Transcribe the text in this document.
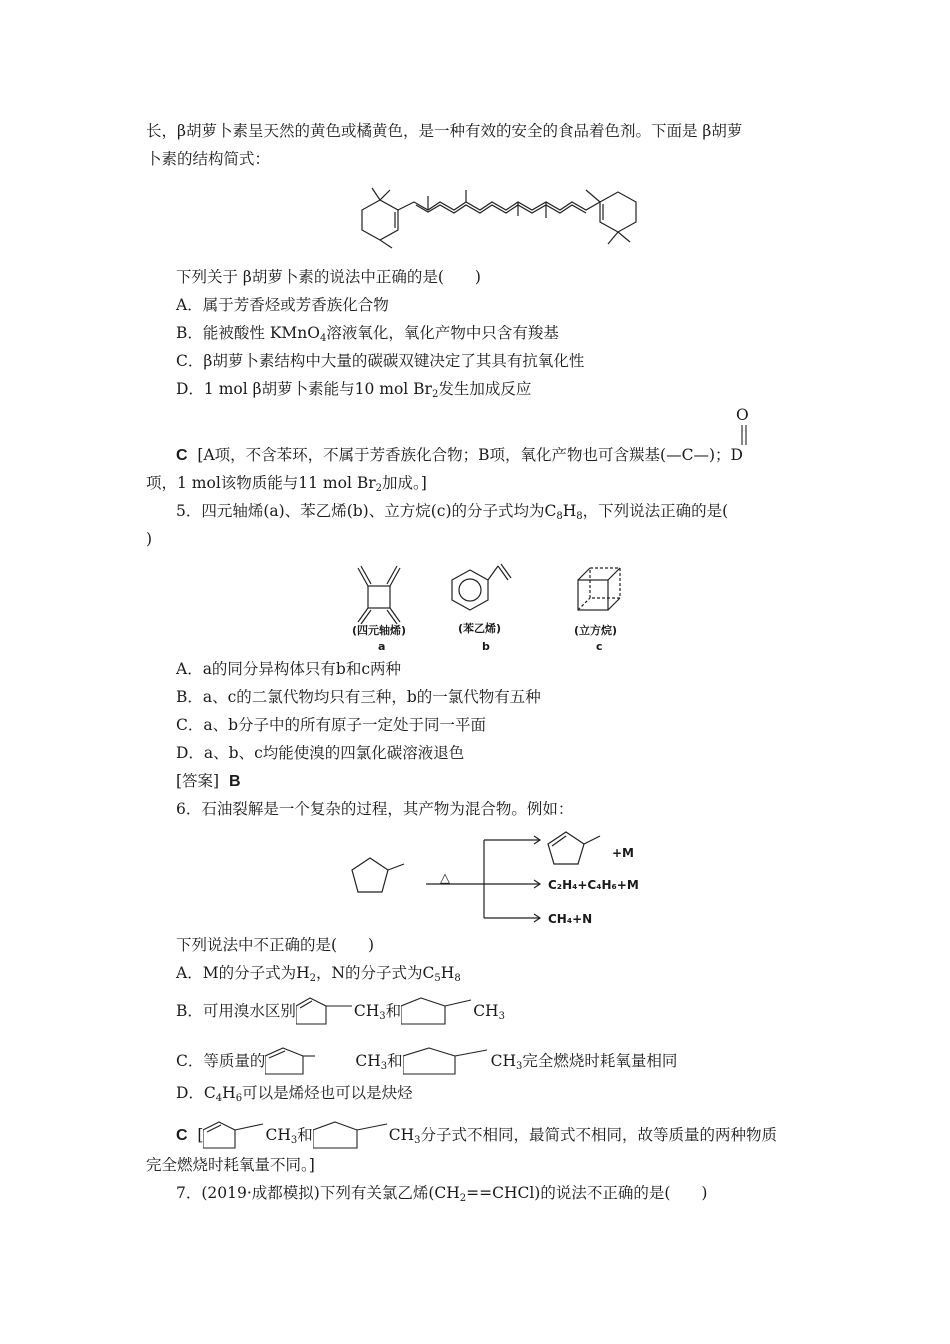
长，β胡萝卜素呈天然的黄色或橘黄色，是一种有效的安全的食品着色剂。下面是 β胡萝
卜素的结构简式：
下列关于 β胡萝卜素的说法中正确的是(　　)
A．属于芳香烃或芳香族化合物
B．能被酸性 KMnO$_4$溶液氧化，氧化产物中只含有羧基
C．β胡萝卜素结构中大量的碳碳双键决定了其具有抗氧化性
D．1 mol β胡萝卜素能与10 mol $Br_2$发生加成反应
O
C [A项，不含苯环，不属于芳香族化合物；B项，氧化产物也可含羰基(—C—)；D
项，1 mol该物质能与11 mol $Br_2$加成。]
5．四元轴烯(a)、苯乙烯(b)、立方烷(c)的分子式均为$C_8H_8$，下列说法正确的是(
)
(四元轴烯)
a
(苯乙烯)
b
(立方烷)
c
A．a的同分异构体只有b和c两种
B．a、c的二氯代物均只有三种，b的一氯代物有五种
C．a、b分子中的所有原子一定处于同一平面
D．a、b、c均能使溴的四氯化碳溶液退色
[答案] B
6．石油裂解是一个复杂的过程，其产物为混合物。例如：
△
+M
C₂H₄+C₄H₆+M
CH₄+N
下列说法中不正确的是(　　)
A．M的分子式为$H_2$，N的分子式为$C_5H_8$
B．可用溴水区别	$CH_3$和	$CH_3$
C．等质量的	$CH_3$和	$CH_3$完全燃烧时耗氧量相同
D．$C_4H_6$可以是烯烃也可以是炔烃
C [	$CH_3$和	$CH_3$分子式不相同，最简式不相同，故等质量的两种物质
完全燃烧时耗氧量不同。]
7．(2019·成都模拟)下列有关氯乙烯$(CH_2==CHCl)$的说法不正确的是(　　)
